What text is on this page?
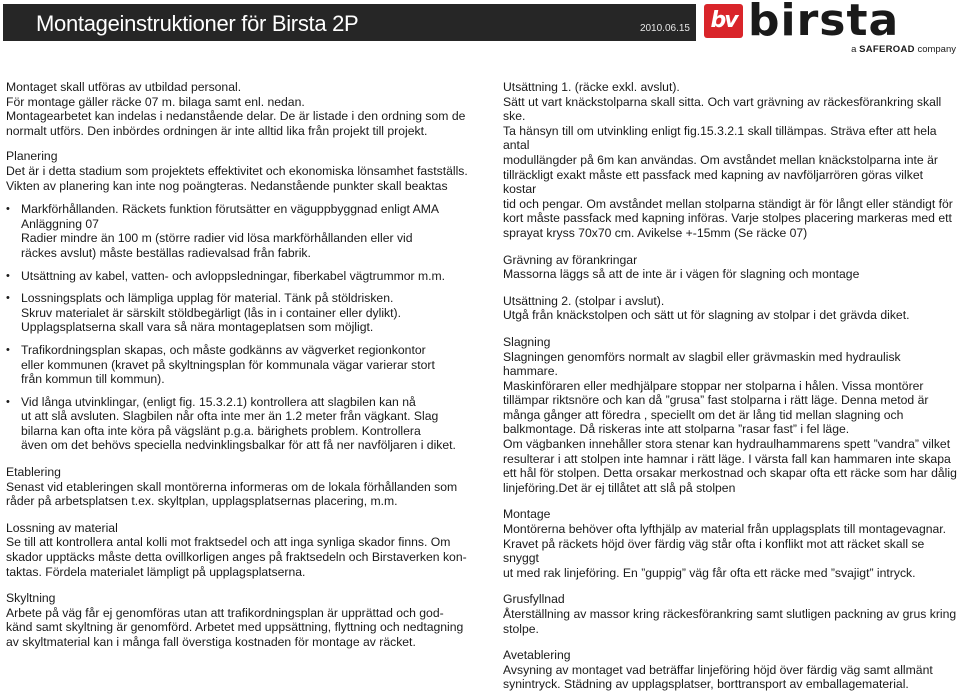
Montageinstruktioner för Birsta 2P	2010.06.15 bv birsta
a SAFEROAD company

Montaget skall utföras av utbildad personal.
För montage gäller räcke 07 m. bilaga samt enl. nedan.
Montagearbetet kan indelas i nedanstående delar. De är listade i den ordning som de
normalt utförs. Den inbördes ordningen är inte alltid lika från projekt till projekt.

Planering

Det är i detta stadium som projektets effektivitet och ekonomiska lönsamhet fastställs.
Vikten av planering kan inte nog poängteras. Nedanstående punkter skall beaktas

• Markförhållanden. Räckets funktion förutsätter en väguppbyggnad enligt AMA
Anläggning 07
Radier mindre än 100 m (större radier vid lösa markförhållanden eller vid
räckes avslut) måste beställas radievalsad från fabrik.
• Utsättning av kabel, vatten- och avloppsledningar, fiberkabel vägtrummor m.m.
• Lossningsplats och lämpliga upplag för material. Tänk på stöldrisken.
Skruv materialet är särskilt stöldbegärligt (lås in i container eller dylikt).
Upplagsplatserna skall vara så nära montageplatsen som möjligt.
• Trafikordningsplan skapas, och måste godkänns av vägverket regionkontor
eller kommunen (kravet på skyltningsplan för kommunala vägar varierar stort
från kommun till kommun).
• Vid långa utvinklingar, (enligt fig. 15.3.2.1) kontrollera att slagbilen kan nå
ut att slå avsluten. Slagbilen når ofta inte mer än 1.2 meter från vägkant. Slag
bilarna kan ofta inte köra på vägslänt p.g.a. bärighets problem. Kontrollera
även om det behövs speciella nedvinklingsbalkar för att få ner navföljaren i diket.

Etablering

Senast vid etableringen skall montörerna informeras om de lokala förhållanden som
råder på arbetsplatsen t.ex. skyltplan, upplagsplatsernas placering, m.m.

Lossning av material

Se till att kontrollera antal kolli mot fraktsedel och att inga synliga skador finns. Om
skador upptäcks måste detta ovillkorligen anges på fraktsedeln och Birstaverken kon-
taktas. Fördela materialet lämpligt på upplagsplatserna.

Skyltning

Arbete på väg får ej genomföras utan att trafikordningsplan är upprättad och god-
känd samt skyltning är genomförd. Arbetet med uppsättning, flyttning och nedtagning
av skyltmaterial kan i många fall överstiga kostnaden för montage av räcket.

Utsättning 1. (räcke exkl. avslut).

Sätt ut vart knäckstolparna skall sitta. Och vart grävning av räckesförankring skall ske.
Ta hänsyn till om utvinkling enligt fig.15.3.2.1 skall tillämpas. Sträva efter att hela antal
modullängder på 6m kan användas. Om avståndet mellan knäckstolparna inte är
tillräckligt exakt måste ett passfack med kapning av navföljarrören göras vilket kostar
tid och pengar. Om avståndet mellan stolparna ständigt är för långt eller ständigt för
kort måste passfack med kapning införas. Varje stolpes placering markeras med ett
sprayat kryss 70x70 cm. Avikelse +-15mm (Se räcke 07)

Grävning av förankringar

Massorna läggs så att de inte är i vägen för slagning och montage

Utsättning 2. (stolpar i avslut).

Utgå från knäckstolpen och sätt ut för slagning av stolpar i det grävda diket.

Slagning

Slagningen genomförs normalt av slagbil eller grävmaskin med hydraulisk hammare.
Maskinföraren eller medhjälpare stoppar ner stolparna i hålen. Vissa montörer
tillämpar riktsnöre och kan då ”grusa” fast stolparna i rätt läge. Denna metod är
många gånger att föredra , speciellt om det är lång tid mellan slagning och
balkmontage. Då riskeras inte att stolparna ”rasar fast” i fel läge.
Om vägbanken innehåller stora stenar kan hydraulhammarens spett ”vandra” vilket
resulterar i att stolpen inte hamnar i rätt läge. I värsta fall kan hammaren inte skapa
ett hål för stolpen. Detta orsakar merkostnad och skapar ofta ett räcke som har dålig
linjeföring.Det är ej tillåtet att slå på stolpen

Montage

Montörerna behöver ofta lyfthjälp av material från upplagsplats till montagevagnar.
Kravet på räckets höjd över färdig väg står ofta i konflikt mot att räcket skall se snyggt
ut med rak linjeföring. En ”guppig” väg får ofta ett räcke med ”svajigt” intryck.

Grusfyllnad

Återställning av massor kring räckesförankring samt slutligen packning av grus kring
stolpe.

Avetablering

Avsyning av montaget vad beträffar linjeföring höjd över färdig väg samt allmänt
synintryck. Städning av upplagsplatser, borttransport av emballagematerial.
